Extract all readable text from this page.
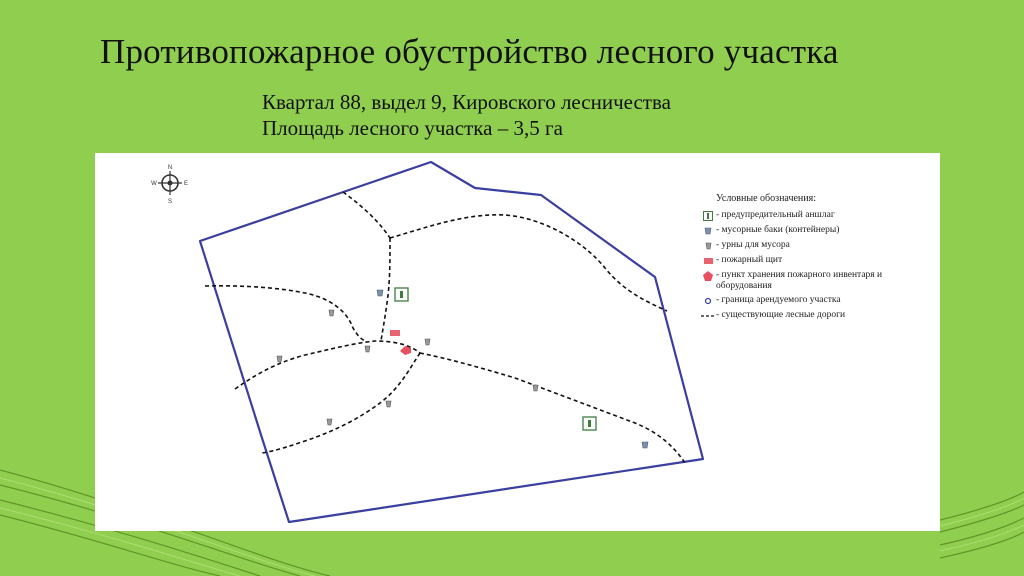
Противопожарное обустройство лесного участка
Квартал 88, выдел 9, Кировского лесничества
Площадь лесного участка – 3,5 га
N
S
W	E
Условные обозначения:
- предупредительный аншлаг
- мусорные баки (контейнеры)
- урны для мусора
- пожарный щит
- пункт хранения пожарного инвентаря и оборудования
- граница арендуемого участка
- существующие лесные дороги
